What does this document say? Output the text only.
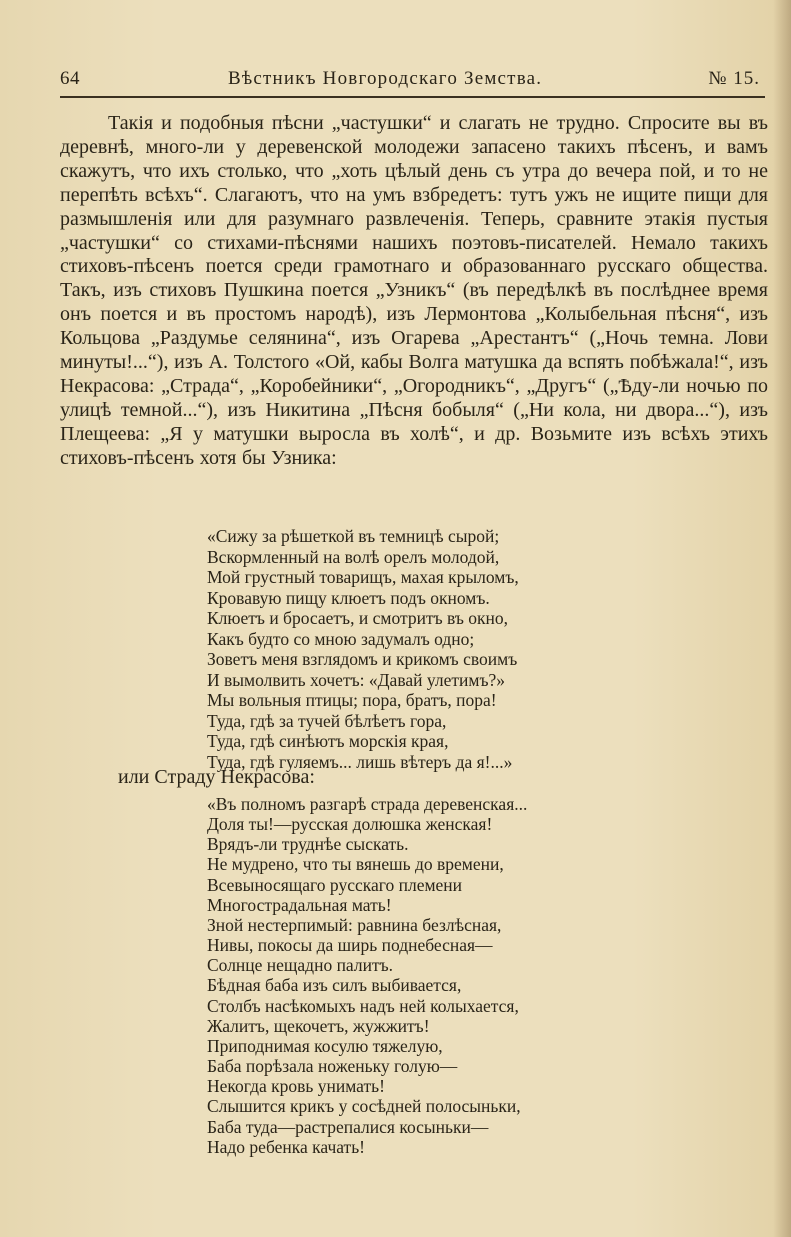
64	Вѣстникъ Новгородскаго Земства.	№ 15.

Такія и подобныя пѣсни „частушки“ и слагать не трудно. Спросите вы въ деревнѣ, много-ли у деревенской молодежи запасено такихъ пѣсенъ, и вамъ скажутъ, что ихъ столько, что „хоть цѣлый день съ утра до вечера пой, и то не перепѣть всѣхъ“. Слагаютъ, что на умъ взбредетъ: тутъ ужъ не ищите пищи для размышленія или для разумнаго развлеченія. Теперь, сравните этакія пустыя „частушки“ со стихами-пѣснями нашихъ поэтовъ-писателей. Немало такихъ стиховъ-пѣсенъ поется среди грамотнаго и образованнаго русскаго общества. Такъ, изъ стиховъ Пушкина поется „Узникъ“ (въ передѣлкѣ въ послѣднее время онъ поется и въ простомъ народѣ), изъ Лермонтова „Колыбельная пѣсня“, изъ Кольцова „Раздумье селянина“, изъ Огарева „Арестантъ“ („Ночь темна. Лови минуты!...“), изъ А. Толстого «Ой, кабы Волга матушка да вспять побѣжала!“, изъ Некрасова: „Страда“, „Коробейники“, „Огородникъ“, „Другъ“ („Ѣду-ли ночью по улицѣ темной...“), изъ Никитина „Пѣсня бобыля“ („Ни кола, ни двора...“), изъ Плещеева: „Я у матушки выросла въ холѣ“, и др. Возьмите изъ всѣхъ этихъ стиховъ-пѣсенъ хотя бы Узника:

«Сижу за рѣшеткой въ темницѣ сырой;
Вскормленный на волѣ орелъ молодой,
Мой грустный товарищъ, махая крыломъ,
Кровавую пищу клюетъ подъ окномъ.
Клюетъ и бросаетъ, и смотритъ въ окно,
Какъ будто со мною задумалъ одно;
Зоветъ меня взглядомъ и крикомъ своимъ
И вымолвить хочетъ: «Давай улетимъ?»
Мы вольныя птицы; пора, братъ, пора!
Туда, гдѣ за тучей бѣлѣетъ гора,
Туда, гдѣ синѣютъ морскія края,
Туда, гдѣ гуляемъ... лишь вѣтеръ да я!...»
или Страду Некрасова:
«Въ полномъ разгарѣ страда деревенская...
Доля ты!—русская долюшка женская!
Врядъ-ли труднѣе сыскать.
Не мудрено, что ты вянешь до времени,
Всевыносящаго русскаго племени
Многострадальная мать!
Зной нестерпимый: равнина безлѣсная,
Нивы, покосы да ширь поднебесная—
Солнце нещадно палитъ.
Бѣдная баба изъ силъ выбивается,
Столбъ насѣкомыхъ надъ ней колыхается,
Жалитъ, щекочетъ, жужжитъ!
Приподнимая косулю тяжелую,
Баба порѣзала ноженьку голую—
Некогда кровь унимать!
Слышится крикъ у сосѣдней полосыньки,
Баба туда—растрепалися косыньки—
Надо ребенка качать!
